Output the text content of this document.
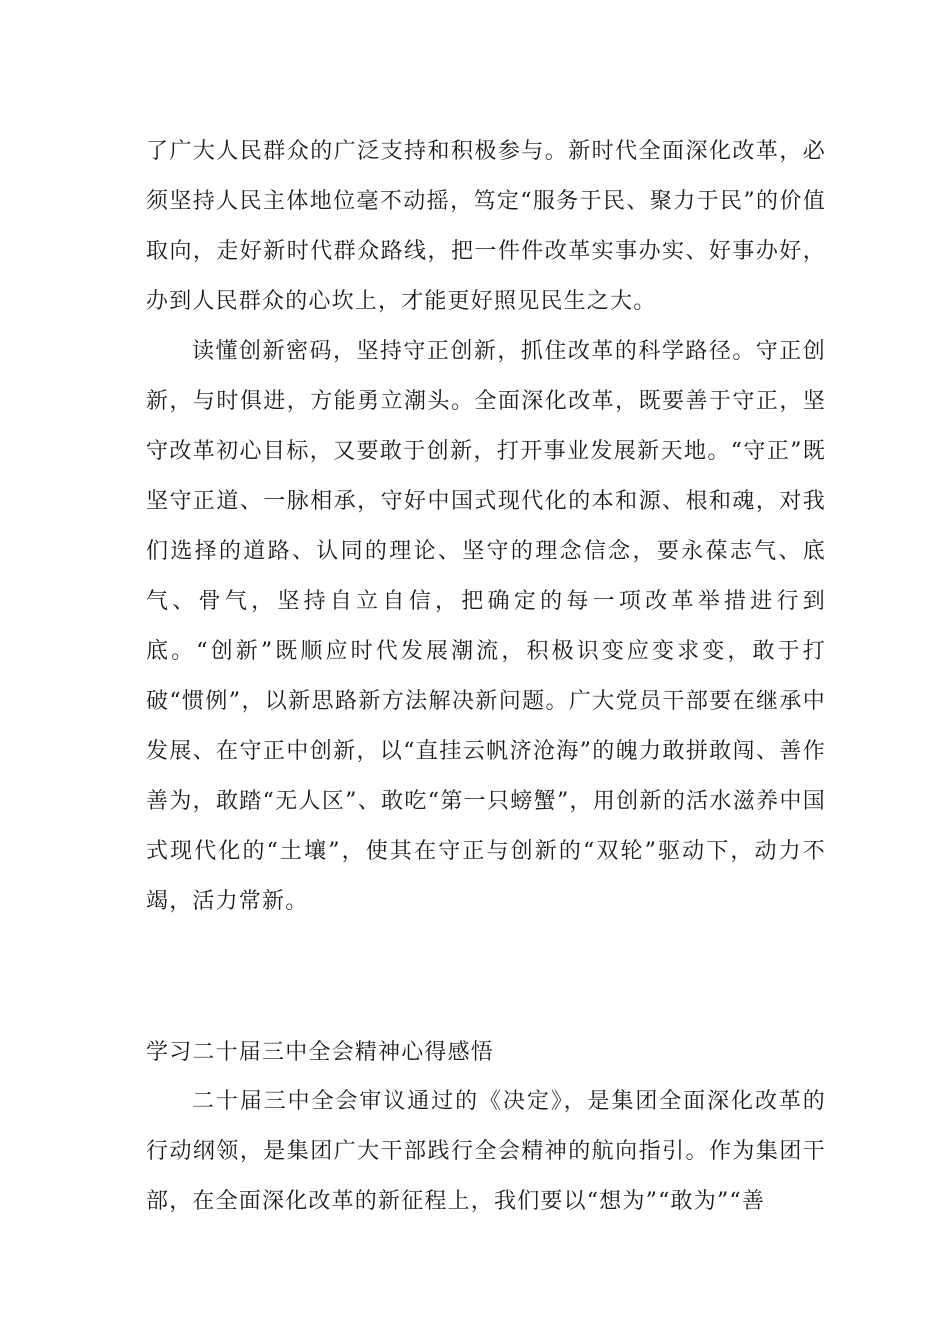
了广大人民群众的广泛支持和积极参与。新时代全面深化改革，必须坚持人民主体地位毫不动摇，笃定“服务于民、聚力于民”的价值取向，走好新时代群众路线，把一件件改革实事办实、好事办好，办到人民群众的心坎上，才能更好照见民生之大。

读懂创新密码，坚持守正创新，抓住改革的科学路径。守正创新，与时俱进，方能勇立潮头。全面深化改革，既要善于守正，坚守改革初心目标，又要敢于创新，打开事业发展新天地。“守正”既坚守正道、一脉相承，守好中国式现代化的本和源、根和魂，对我们选择的道路、认同的理论、坚守的理念信念，要永葆志气、底气、骨气，坚持自立自信，把确定的每一项改革举措进行到底。“创新”既顺应时代发展潮流，积极识变应变求变，敢于打破“惯例”，以新思路新方法解决新问题。广大党员干部要在继承中发展、在守正中创新，以“直挂云帆济沧海”的魄力敢拼敢闯、善作善为，敢踏“无人区”、敢吃“第一只螃蟹”，用创新的活水滋养中国式现代化的“土壤”，使其在守正与创新的“双轮”驱动下，动力不竭，活力常新。

学习二十届三中全会精神心得感悟

二十届三中全会审议通过的《决定》，是集团全面深化改革的行动纲领，是集团广大干部践行全会精神的航向指引。作为集团干部，在全面深化改革的新征程上，我们要以“想为”“敢为”“善
